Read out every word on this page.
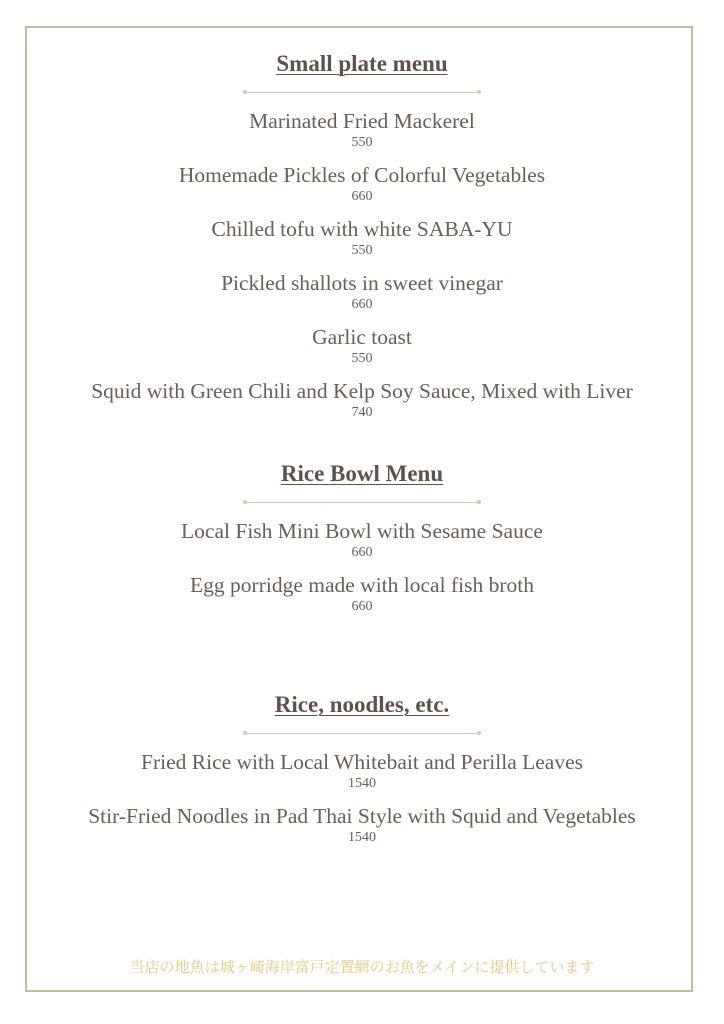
Small plate menu
Marinated Fried Mackerel
550
Homemade Pickles of Colorful Vegetables
660
Chilled tofu with white SABA-YU
550
Pickled shallots in sweet vinegar
660
Garlic toast
550
Squid with Green Chili and Kelp Soy Sauce, Mixed with Liver
740
Rice Bowl Menu
Local Fish Mini Bowl with Sesame Sauce
660
Egg porridge made with local fish broth
660
Rice, noodles, etc.
Fried Rice with Local Whitebait and Perilla Leaves
1540
Stir-Fried Noodles in Pad Thai Style with Squid and Vegetables
1540
当店の地魚は城ヶ崎海岸富戸定置網のお魚をメインに提供しています
